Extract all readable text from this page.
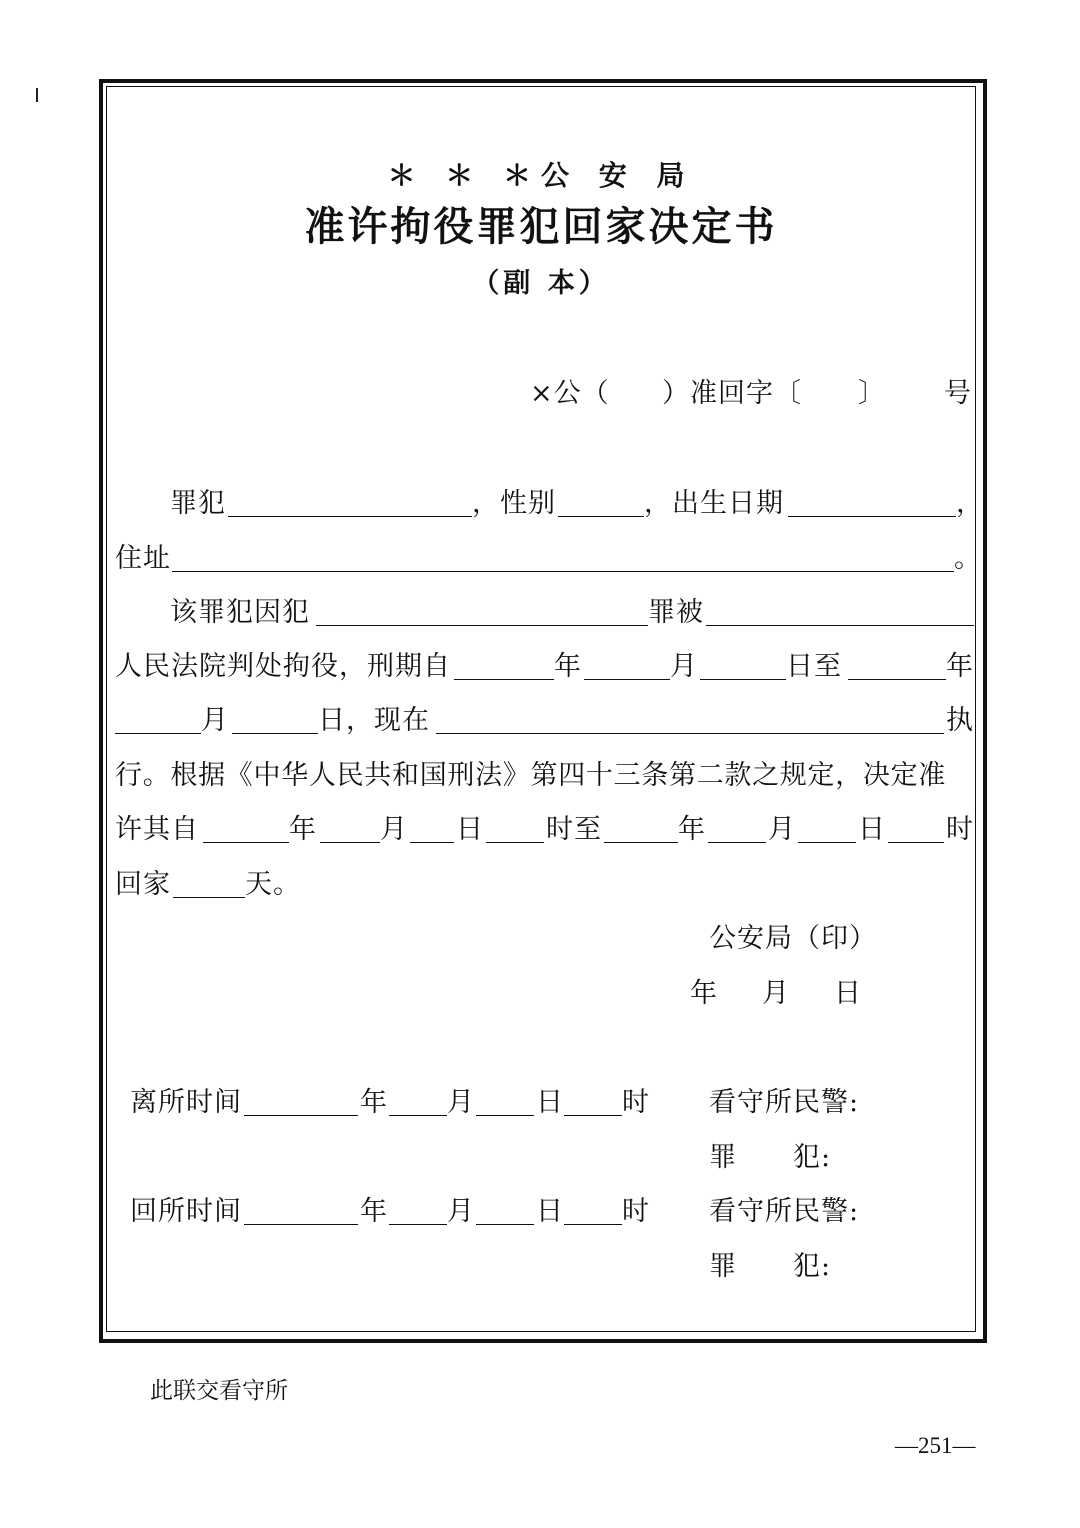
＊ ＊ ＊公 安 局
准许拘役罪犯回家决定书
（副 本）
×公（ ）准回字〔 〕 号
罪犯	，性别	，出生日期	，
住址	。
该罪犯因犯	罪被
人民法院判处拘役，刑期自	年	月	日至	年
月	日，现在	执
行。根据《中华人民共和国刑法》第四十三条第二款之规定，决定准
许其自	年 月 日 时至	年 月 日 时
回家	天。
公安局（印）
年 月 日
离所时间	年 月 日 时 看守所民警:
罪　　犯:
回所时间	年 月 日 时 看守所民警:
罪　　犯:
此联交看守所
—251—
